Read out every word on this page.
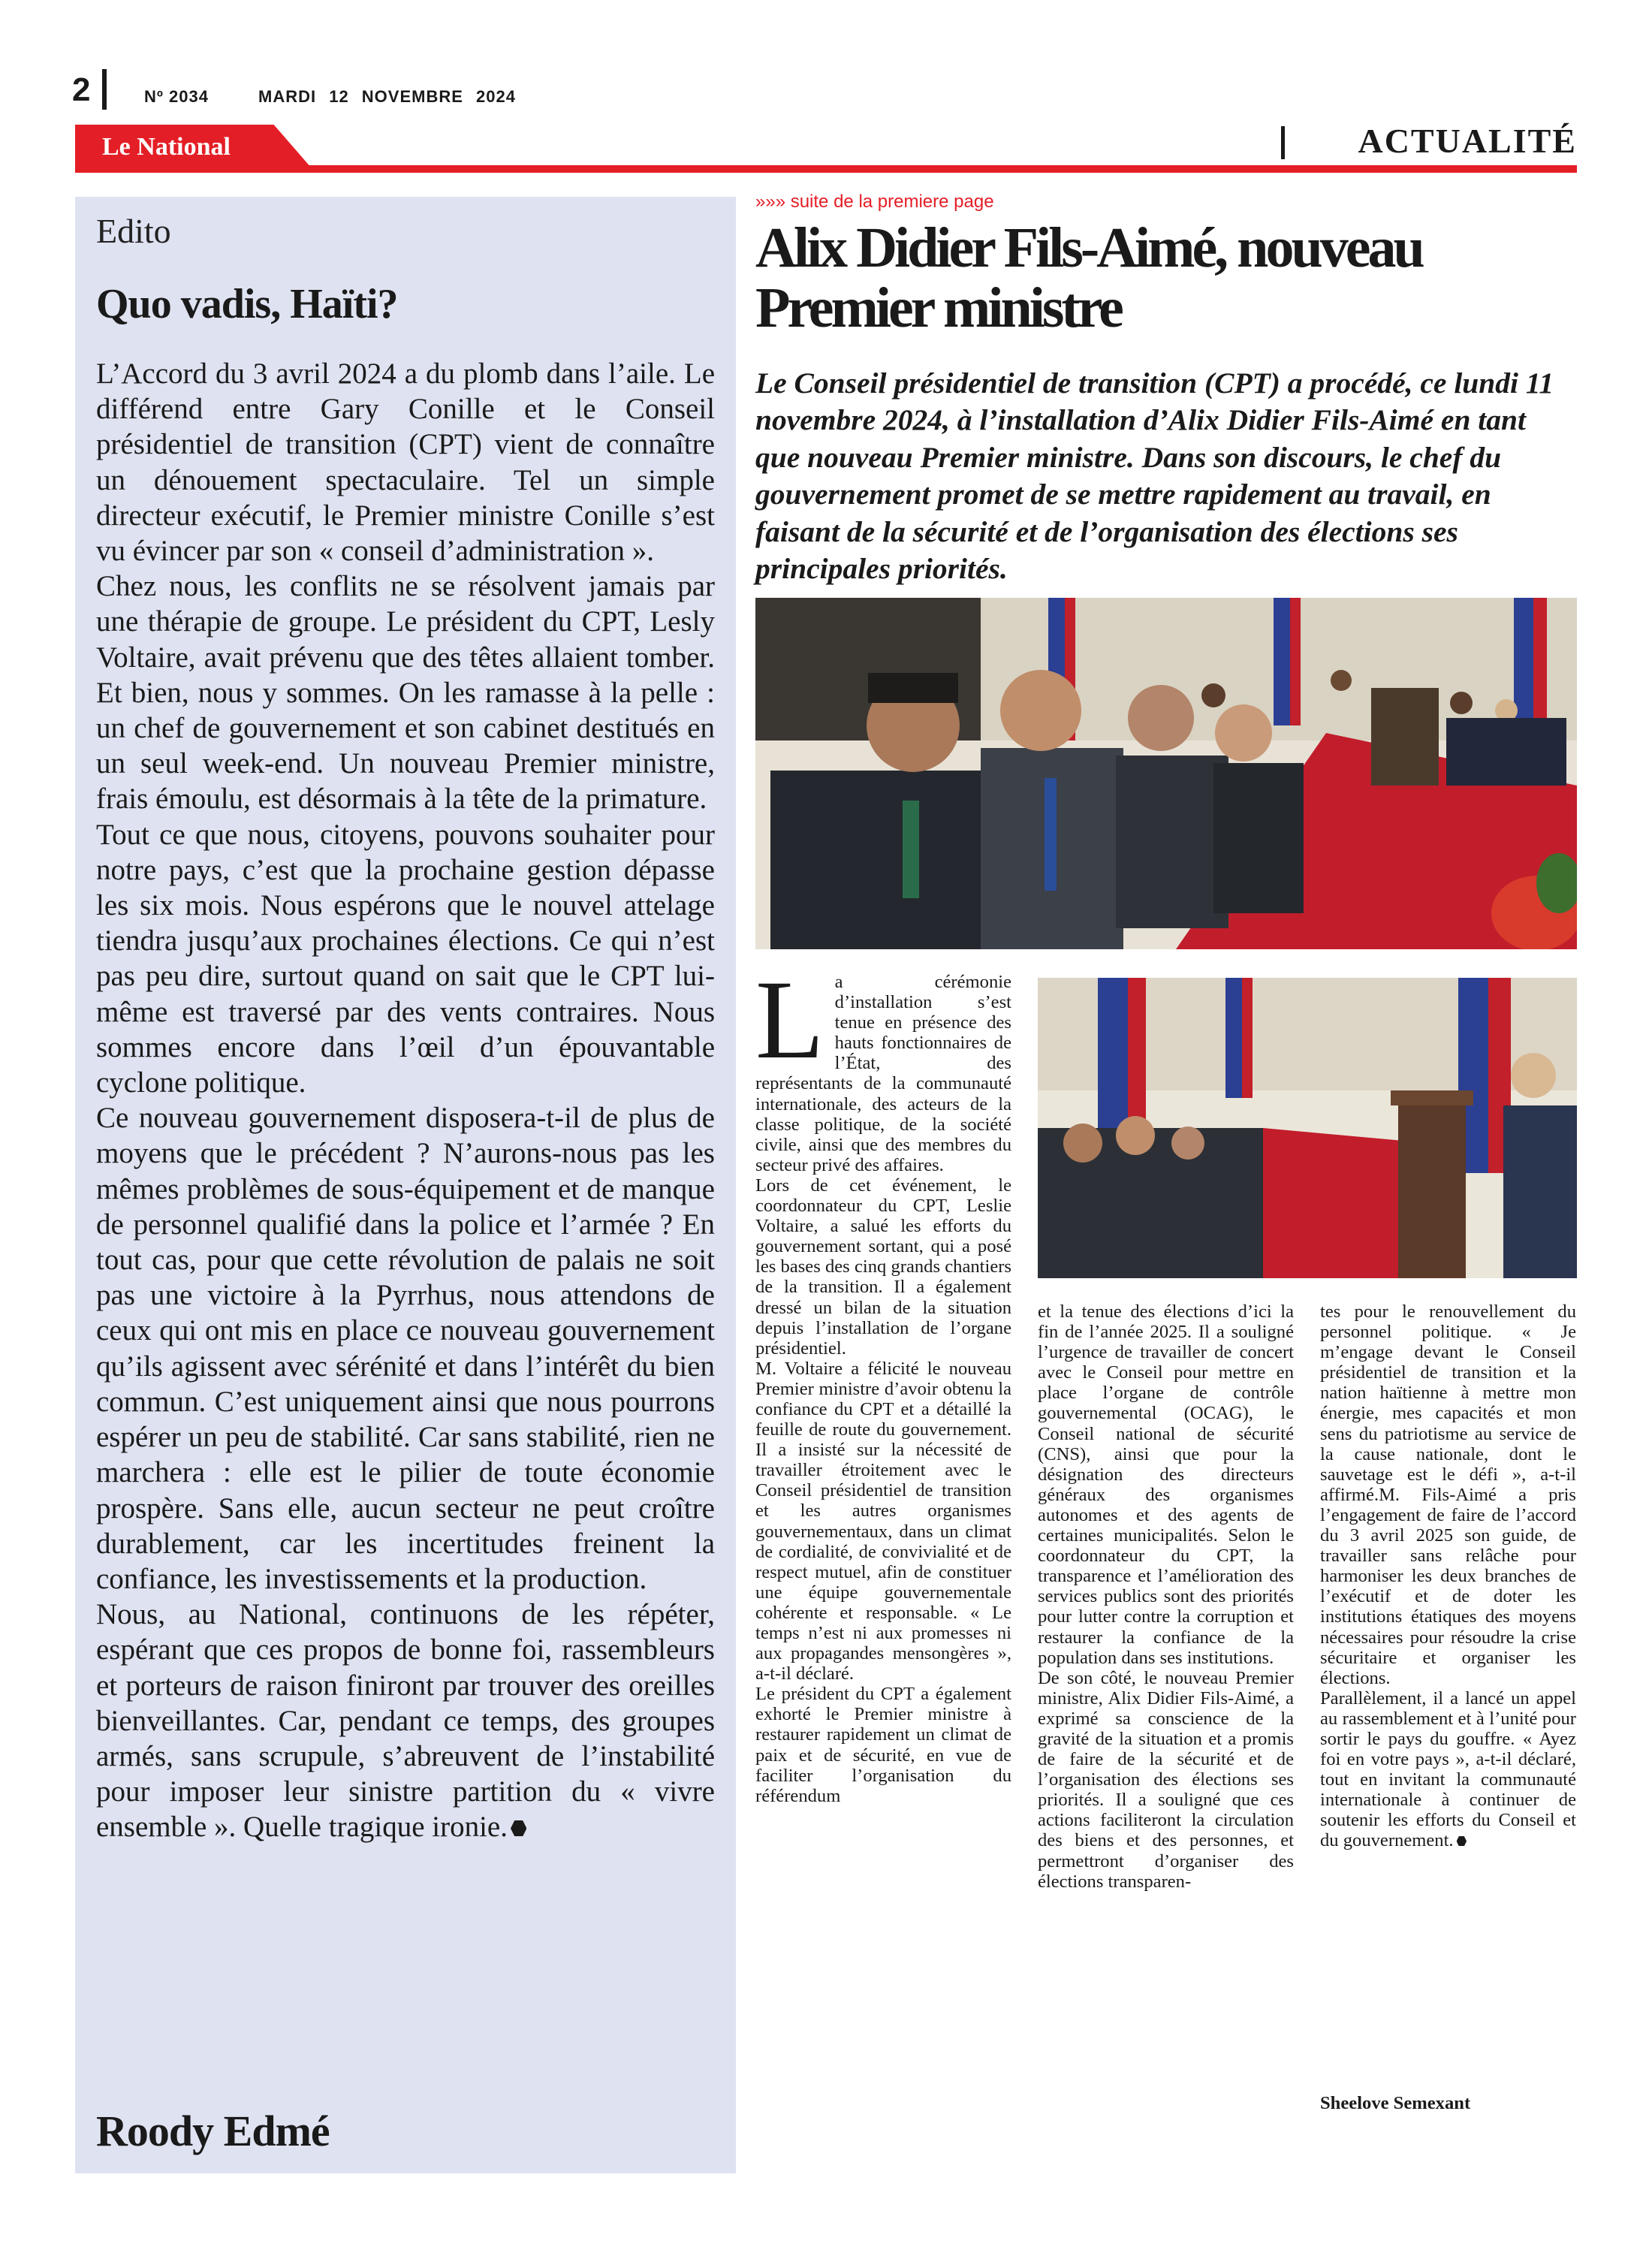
2	Nº 2034	MARDI 12 NOVEMBRE 2024
Le National	ACTUALITÉ
Edito
Quo vadis, Haïti?

L’Accord du 3 avril 2024 a du plomb dans l’aile. Le différend entre Gary Conille et le Conseil présidentiel de transition (CPT) vient de connaître un dénouement spectaculaire. Tel un simple directeur exécutif, le Premier ministre Conille s’est vu évincer par son « conseil d’administration ».

Chez nous, les conflits ne se résolvent jamais par une thérapie de groupe. Le président du CPT, Lesly Voltaire, avait prévenu que des têtes allaient tomber. Et bien, nous y sommes. On les ramasse à la pelle : un chef de gouvernement et son cabinet destitués en un seul week-end. Un nouveau Premier ministre, frais émoulu, est désormais à la tête de la primature.

Tout ce que nous, citoyens, pouvons souhaiter pour notre pays, c’est que la prochaine gestion dépasse les six mois. Nous espérons que le nouvel attelage tiendra jusqu’aux prochaines élections. Ce qui n’est pas peu dire, surtout quand on sait que le CPT lui-même est traversé par des vents contraires. Nous sommes encore dans l’œil d’un épouvantable cyclone politique.

Ce nouveau gouvernement disposera-t-il de plus de moyens que le précédent ? N’aurons-nous pas les mêmes problèmes de sous-équipement et de manque de personnel qualifié dans la police et l’armée ? En tout cas, pour que cette révolution de palais ne soit pas une victoire à la Pyrrhus, nous attendons de ceux qui ont mis en place ce nouveau gouvernement qu’ils agissent avec sérénité et dans l’intérêt du bien commun. C’est uniquement ainsi que nous pourrons espérer un peu de stabilité. Car sans stabilité, rien ne marchera : elle est le pilier de toute économie prospère. Sans elle, aucun secteur ne peut croître durablement, car les incertitudes freinent la confiance, les investissements et la production.

Nous, au National, continuons de les répéter, espérant que ces propos de bonne foi, rassembleurs et porteurs de raison finiront par trouver des oreilles bienveillantes. Car, pendant ce temps, des groupes armés, sans scrupule, s’abreuvent de l’instabilité pour imposer leur sinistre partition du « vivre ensemble ». Quelle tragique ironie.

Roody Edmé
»»» suite de la premiere page
Alix Didier Fils-Aimé, nouveau Premier ministre

Le Conseil présidentiel de transition (CPT) a procédé, ce lundi 11 novembre 2024, à l’installation d’Alix Didier Fils-Aimé en tant que nouveau Premier ministre. Dans son discours, le chef du gouvernement promet de se mettre rapidement au travail, en faisant de la sécurité et de l’organisation des élections ses principales priorités.

La cérémonie d’installation s’est tenue en présence des hauts fonctionnaires de l’État, des représentants de la communauté internationale, des acteurs de la classe politique, de la société civile, ainsi que des membres du secteur privé des affaires.

Lors de cet événement, le coordonnateur du CPT, Leslie Voltaire, a salué les efforts du gouvernement sortant, qui a posé les bases des cinq grands chantiers de la transition. Il a également dressé un bilan de la situation depuis l’installation de l’organe présidentiel.

M. Voltaire a félicité le nouveau Premier ministre d’avoir obtenu la confiance du CPT et a détaillé la feuille de route du gouvernement. Il a insisté sur la nécessité de travailler étroitement avec le Conseil présidentiel de transition et les autres organismes gouvernementaux, dans un climat de cordialité, de convivialité et de respect mutuel, afin de constituer une équipe gouvernementale cohérente et responsable. « Le temps n’est ni aux promesses ni aux propagandes mensongères », a-t-il déclaré.

Le président du CPT a également exhorté le Premier ministre à restaurer rapidement un climat de paix et de sécurité, en vue de faciliter l’organisation du référendum

et la tenue des élections d’ici la fin de l’année 2025. Il a souligné l’urgence de travailler de concert avec le Conseil pour mettre en place l’organe de contrôle gouvernemental (OCAG), le Conseil national de sécurité (CNS), ainsi que pour la désignation des directeurs généraux des organismes autonomes et des agents de certaines municipalités. Selon le coordonnateur du CPT, la transparence et l’amélioration des services publics sont des priorités pour lutter contre la corruption et restaurer la confiance de la population dans ses institutions.

De son côté, le nouveau Premier ministre, Alix Didier Fils-Aimé, a exprimé sa conscience de la gravité de la situation et a promis de faire de la sécurité et de l’organisation des élections ses priorités. Il a souligné que ces actions faciliteront la circulation des biens et des personnes, et permettront d’organiser des élections transparen-

tes pour le renouvellement du personnel politique. « Je m’engage devant le Conseil présidentiel de transition et la nation haïtienne à mettre mon énergie, mes capacités et mon sens du patriotisme au service de la cause nationale, dont le sauvetage est le défi », a-t-il affirmé.M. Fils-Aimé a pris l’engagement de faire de l’accord du 3 avril 2025 son guide, de travailler sans relâche pour harmoniser les deux branches de l’exécutif et de doter les institutions étatiques des moyens nécessaires pour résoudre la crise sécuritaire et organiser les élections.

Parallèlement, il a lancé un appel au rassemblement et à l’unité pour sortir le pays du gouffre. « Ayez foi en votre pays », a-t-il déclaré, tout en invitant la communauté internationale à continuer de soutenir les efforts du Conseil et du gouvernement.

Sheelove Semexant
